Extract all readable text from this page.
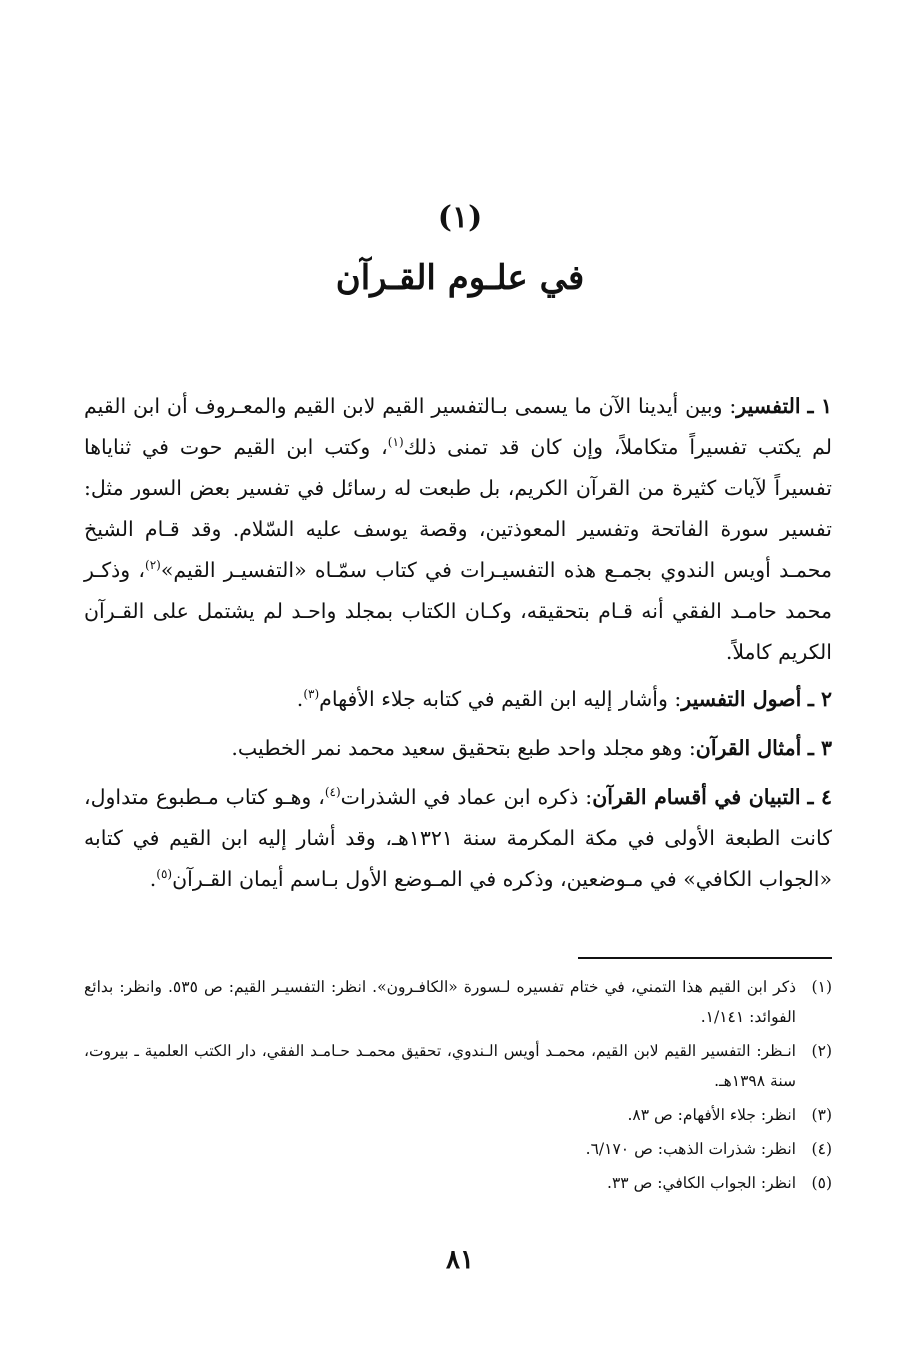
(١)
في علـوم القـرآن

١ ـ التفسير: وبين أيدينا الآن ما يسمى بـالتفسير القيم لابن القيم والمعـروف أن ابن القيم لم يكتب تفسيراً متكاملاً، وإن كان قد تمنى ذلك$^{(١)}$، وكتب ابن القيم حوت في ثناياها تفسيراً لآيات كثيرة من القرآن الكريم، بل طبعت له رسائل في تفسير بعض السور مثل: تفسير سورة الفاتحة وتفسير المعوذتين، وقصة يوسف عليه السّلام. وقد قـام الشيخ محمـد أويس الندوي بجمـع هذه التفسيـرات في كتاب سمّـاه «التفسيـر القيم»$^{(٢)}$، وذكـر محمد حامـد الفقي أنه قـام بتحقيقه، وكـان الكتاب بمجلد واحـد لم يشتمل على القـرآن الكريم كاملاً.

٢ ـ أصول التفسير: وأشار إليه ابن القيم في كتابه جلاء الأفهام$^{(٣)}$.

٣ ـ أمثال القرآن: وهو مجلد واحد طبع بتحقيق سعيد محمد نمر الخطيب.

٤ ـ التبيان في أقسام القرآن: ذكره ابن عماد في الشذرات$^{(٤)}$، وهـو كتاب مـطبوع متداول، كانت الطبعة الأولى في مكة المكرمة سنة ١٣٢١هـ، وقد أشار إليه ابن القيم في كتابه «الجواب الكافي» في مـوضعين، وذكره في المـوضع الأول بـاسم أيمان القـرآن$^{(٥)}$.

(١)
ذكر ابن القيم هذا التمني، في ختام تفسيره لـسورة «الكافـرون». انظر: التفسيـر القيم: ص ٥٣٥. وانظر: بدائع الفوائد: ١/١٤١.
(٢)
انـظر: التفسير القيم لابن القيم، محمـد أويس الـندوي، تحقيق محمـد حـامـد الفقي، دار الكتب العلمية ـ بيروت، سنة ١٣٩٨هـ.
(٣)
انظر: جلاء الأفهام: ص ٨٣.
(٤)
انظر: شذرات الذهب: ص ٦/١٧٠.
(٥)
انظر: الجواب الكافي: ص ٣٣.
٨١
